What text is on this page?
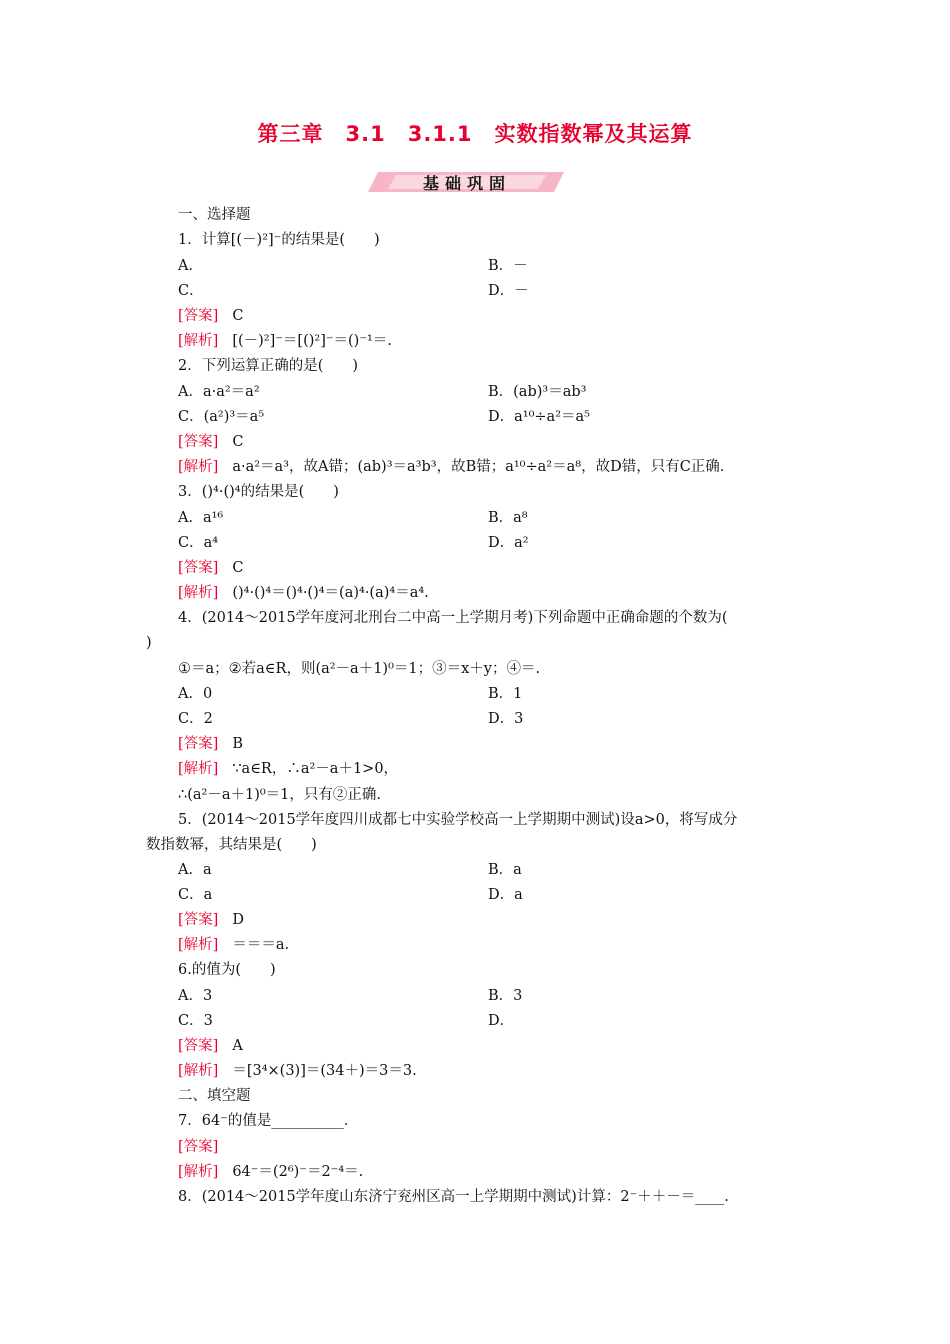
第三章　3.1　3.1.1　实数指数幂及其运算
基础巩固
一、选择题
1．计算[(－)²]⁻的结果是(　　)
A．	B．－
C．	D．－
[答案] C
[解析] [(－)²]⁻＝[()²]⁻＝()⁻¹＝.
2．下列运算正确的是(　　)
A．a·a²＝a²	B．(ab)³＝ab³
C．(a²)³＝a⁵	D．a¹⁰÷a²＝a⁵
[答案] C
[解析] a·a²＝a³，故A错；(ab)³＝a³b³，故B错；a¹⁰÷a²＝a⁸，故D错，只有C正确.
3．()⁴·()⁴的结果是(　　)
A．a¹⁶	B．a⁸
C．a⁴	D．a²
[答案] C
[解析] ()⁴·()⁴＝()⁴·()⁴＝(a)⁴·(a)⁴＝a⁴.
4．(2014～2015学年度河北刑台二中高一上学期月考)下列命题中正确命题的个数为(
)
①＝a；②若a∈R，则(a²－a＋1)⁰＝1；③＝x＋y；④＝.
A．0	B．1
C．2	D．3
[答案] B
[解析] ∵a∈R，∴a²－a＋1>0，
∴(a²－a＋1)⁰＝1，只有②正确.
5．(2014～2015学年度四川成都七中实验学校高一上学期期中测试)设a>0，将写成分
数指数幂，其结果是(　　)
A．a	B．a
C．a	D．a
[答案] D
[解析] ＝＝＝a.
6.的值为(　　)
A．3	B．3
C．3	D．
[答案] A
[解析] ＝[3⁴×(3)]＝(34＋)＝3＝3.
二、填空题
7．64⁻的值是__________．
[答案]
[解析] 64⁻＝(2⁶)⁻＝2⁻⁴＝.
8．(2014～2015学年度山东济宁兖州区高一上学期期中测试)计算：2⁻＋＋－＝____.
